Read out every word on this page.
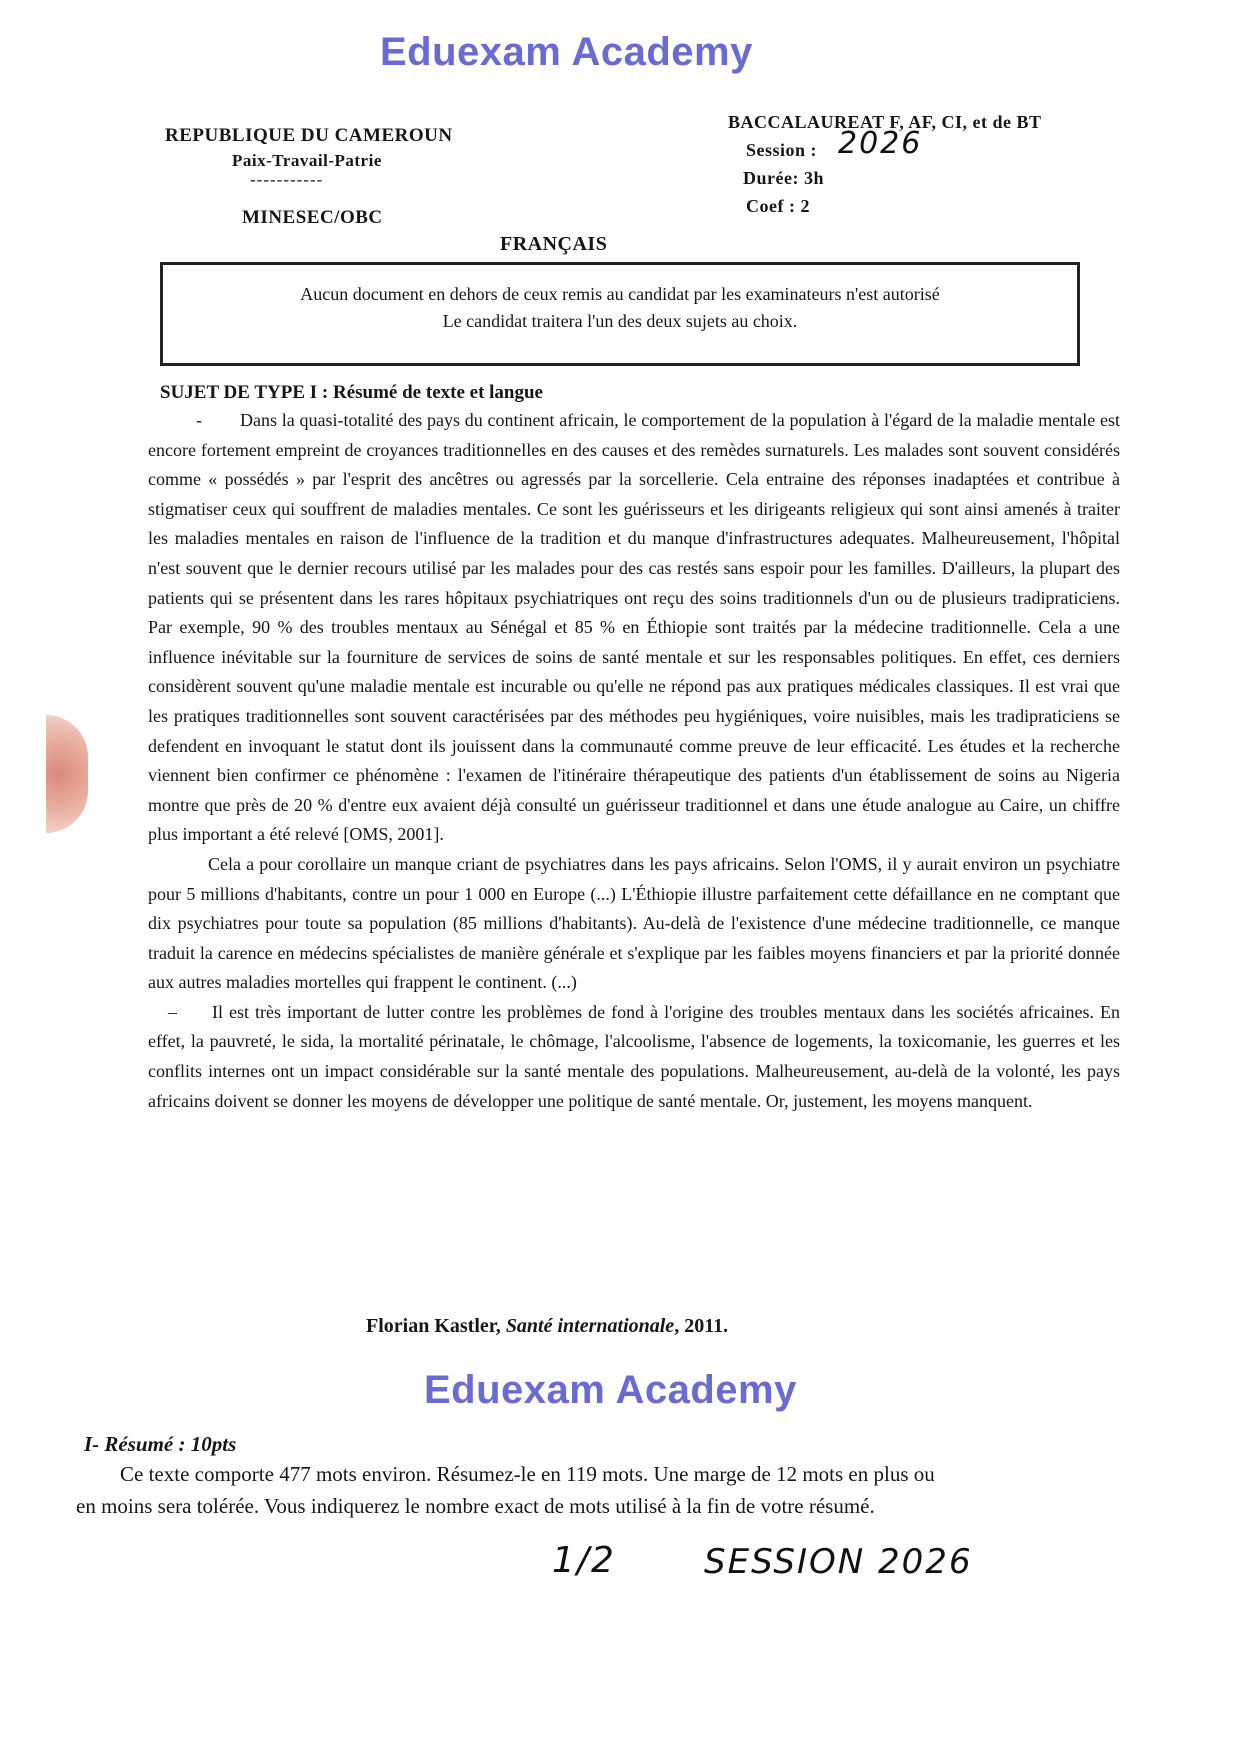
Eduexam Academy
REPUBLIQUE DU CAMEROUN
Paix-Travail-Patrie
-----------
MINESEC/OBC
BACCALAUREAT F, AF, CI, et de BT
Session : 2026
Durée: 3h
Coef : 2
FRANÇAIS
Aucun document en dehors de ceux remis au candidat par les examinateurs n'est autorisé
Le candidat traitera l'un des deux sujets au choix.
SUJET DE TYPE I : Résumé de texte et langue

- Dans la quasi-totalité des pays du continent africain, le comportement de la population à l'égard de la maladie mentale est encore fortement empreint de croyances traditionnelles en des causes et des remèdes surnaturels. Les malades sont souvent considérés comme « possédés » par l'esprit des ancêtres ou agressés par la sorcellerie. Cela entraine des réponses inadaptées et contribue à stigmatiser ceux qui souffrent de maladies mentales. Ce sont les guérisseurs et les dirigeants religieux qui sont ainsi amenés à traiter les maladies mentales en raison de l'influence de la tradition et du manque d'infrastructures adequates. Malheureusement, l'hôpital n'est souvent que le dernier recours utilisé par les malades pour des cas restés sans espoir pour les familles. D'ailleurs, la plupart des patients qui se présentent dans les rares hôpitaux psychiatriques ont reçu des soins traditionnels d'un ou de plusieurs tradipraticiens. Par exemple, 90 % des troubles mentaux au Sénégal et 85 % en Éthiopie sont traités par la médecine traditionnelle. Cela a une influence inévitable sur la fourniture de services de soins de santé mentale et sur les responsables politiques. En effet, ces derniers considèrent souvent qu'une maladie mentale est incurable ou qu'elle ne répond pas aux pratiques médicales classiques. Il est vrai que les pratiques traditionnelles sont souvent caractérisées par des méthodes peu hygiéniques, voire nuisibles, mais les tradipraticiens se defendent en invoquant le statut dont ils jouissent dans la communauté comme preuve de leur efficacité. Les études et la recherche viennent bien confirmer ce phénomène : l'examen de l'itinéraire thérapeutique des patients d'un établissement de soins au Nigeria montre que près de 20 % d'entre eux avaient déjà consulté un guérisseur traditionnel et dans une étude analogue au Caire, un chiffre plus important a été relevé [OMS, 2001].

Cela a pour corollaire un manque criant de psychiatres dans les pays africains. Selon l'OMS, il y aurait environ un psychiatre pour 5 millions d'habitants, contre un pour 1 000 en Europe (...) L'Éthiopie illustre parfaitement cette défaillance en ne comptant que dix psychiatres pour toute sa population (85 millions d'habitants). Au-delà de l'existence d'une médecine traditionnelle, ce manque traduit la carence en médecins spécialistes de manière générale et s'explique par les faibles moyens financiers et par la priorité donnée aux autres maladies mortelles qui frappent le continent. (...)

– Il est très important de lutter contre les problèmes de fond à l'origine des troubles mentaux dans les sociétés africaines. En effet, la pauvreté, le sida, la mortalité périnatale, le chômage, l'alcoolisme, l'absence de logements, la toxicomanie, les guerres et les conflits internes ont un impact considérable sur la santé mentale des populations. Malheureusement, au-delà de la volonté, les pays africains doivent se donner les moyens de développer une politique de santé mentale. Or, justement, les moyens manquent.

Florian Kastler, Santé internationale, 2011.
Eduexam Academy
I- Résumé : 10pts
Ce texte comporte 477 mots environ. Résumez-le en 119 mots. Une marge de 12 mots en plus ou
en moins sera tolérée. Vous indiquerez le nombre exact de mots utilisé à la fin de votre résumé.
1/2	SESSION 2026
